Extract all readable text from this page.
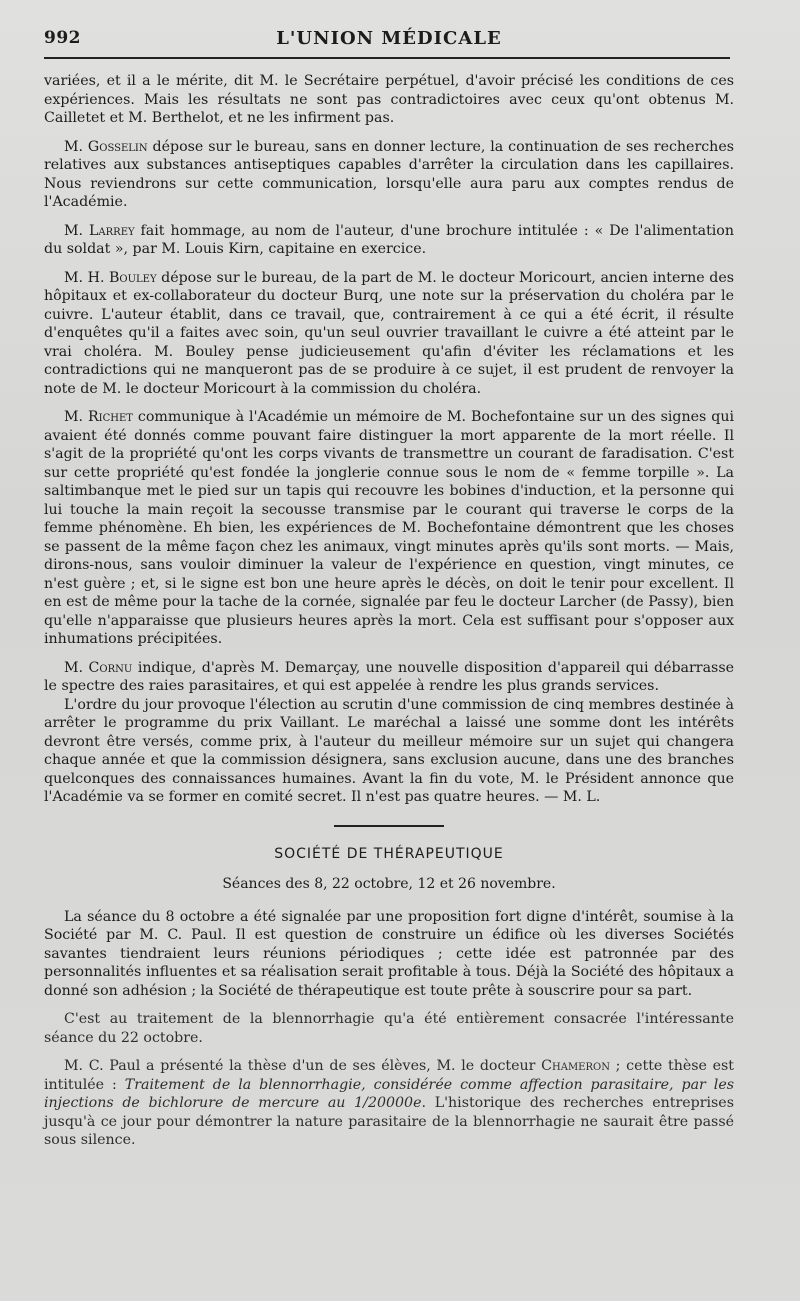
992	L'UNION MÉDICALE

variées, et il a le mérite, dit M. le Secrétaire perpétuel, d'avoir précisé les conditions de ces expériences. Mais les résultats ne sont pas contradictoires avec ceux qu'ont obtenus M. Cailletet et M. Berthelot, et ne les infirment pas.

M. Gosselin dépose sur le bureau, sans en donner lecture, la continuation de ses recherches relatives aux substances antiseptiques capables d'arrêter la circulation dans les capillaires. Nous reviendrons sur cette communication, lorsqu'elle aura paru aux comptes rendus de l'Académie.

M. Larrey fait hommage, au nom de l'auteur, d'une brochure intitulée : « De l'alimentation du soldat », par M. Louis Kirn, capitaine en exercice.

M. H. Bouley dépose sur le bureau, de la part de M. le docteur Moricourt, ancien interne des hôpitaux et ex-collaborateur du docteur Burq, une note sur la préservation du choléra par le cuivre. L'auteur établit, dans ce travail, que, contrairement à ce qui a été écrit, il résulte d'enquêtes qu'il a faites avec soin, qu'un seul ouvrier travaillant le cuivre a été atteint par le vrai choléra. M. Bouley pense judicieusement qu'afin d'éviter les réclamations et les contradictions qui ne manqueront pas de se produire à ce sujet, il est prudent de renvoyer la note de M. le docteur Moricourt à la commission du choléra.

M. Richet communique à l'Académie un mémoire de M. Bochefontaine sur un des signes qui avaient été donnés comme pouvant faire distinguer la mort apparente de la mort réelle. Il s'agit de la propriété qu'ont les corps vivants de transmettre un courant de faradisation. C'est sur cette propriété qu'est fondée la jonglerie connue sous le nom de « femme torpille ». La saltimbanque met le pied sur un tapis qui recouvre les bobines d'induction, et la personne qui lui touche la main reçoit la secousse transmise par le courant qui traverse le corps de la femme phénomène. Eh bien, les expériences de M. Bochefontaine démontrent que les choses se passent de la même façon chez les animaux, vingt minutes après qu'ils sont morts. — Mais, dirons-nous, sans vouloir diminuer la valeur de l'expérience en question, vingt minutes, ce n'est guère ; et, si le signe est bon une heure après le décès, on doit le tenir pour excellent. Il en est de même pour la tache de la cornée, signalée par feu le docteur Larcher (de Passy), bien qu'elle n'apparaisse que plusieurs heures après la mort. Cela est suffisant pour s'opposer aux inhumations précipitées.

M. Cornu indique, d'après M. Demarçay, une nouvelle disposition d'appareil qui débarrasse le spectre des raies parasitaires, et qui est appelée à rendre les plus grands services.

L'ordre du jour provoque l'élection au scrutin d'une commission de cinq membres destinée à arrêter le programme du prix Vaillant. Le maréchal a laissé une somme dont les intérêts devront être versés, comme prix, à l'auteur du meilleur mémoire sur un sujet qui changera chaque année et que la commission désignera, sans exclusion aucune, dans une des branches quelconques des connaissances humaines. Avant la fin du vote, M. le Président annonce que l'Académie va se former en comité secret. Il n'est pas quatre heures. — M. L.

SOCIÉTÉ DE THÉRAPEUTIQUE
Séances des 8, 22 octobre, 12 et 26 novembre.

La séance du 8 octobre a été signalée par une proposition fort digne d'intérêt, soumise à la Société par M. C. Paul. Il est question de construire un édifice où les diverses Sociétés savantes tiendraient leurs réunions périodiques ; cette idée est patronnée par des personnalités influentes et sa réalisation serait profitable à tous. Déjà la Société des hôpitaux a donné son adhésion ; la Société de thérapeutique est toute prête à souscrire pour sa part.

C'est au traitement de la blennorrhagie qu'a été entièrement consacrée l'intéressante séance du 22 octobre.

M. C. Paul a présenté la thèse d'un de ses élèves, M. le docteur Chameron ; cette thèse est intitulée : Traitement de la blennorrhagie, considérée comme affection parasitaire, par les injections de bichlorure de mercure au 1/20000e. L'historique des recherches entreprises jusqu'à ce jour pour démontrer la nature parasitaire de la blennorrhagie ne saurait être passé sous silence.
